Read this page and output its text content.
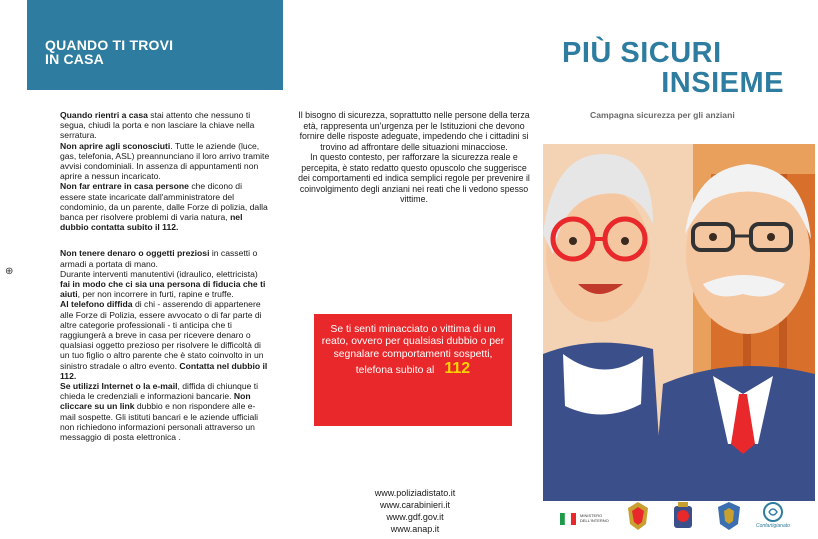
⊕
QUANDO TI TROVI
IN CASA

Quando rientri a casa stai attento che nessuno ti segua, chiudi la porta e non lasciare la chiave nella serratura.
Non aprire agli sconosciuti. Tutte le aziende (luce, gas, telefonia, ASL) preannunciano il loro arrivo tramite avvisi condominiali. In assenza di appuntamenti non aprire a nessun incaricato.
Non far entrare in casa persone che dicono di essere state incaricate dall'amministratore del condominio, da un parente, dalle Forze di polizia, dalla banca per risolvere problemi di varia natura, nel dubbio contatta subito il 112.

Non tenere denaro o oggetti preziosi in cassetti o armadi a portata di mano.
Durante interventi manutentivi (idraulico, elettricista) fai in modo che ci sia una persona di fiducia che ti aiuti, per non incorrere in furti, rapine e truffe.
Al telefono diffida di chi - asserendo di appartenere alle Forze di Polizia, essere avvocato o di far parte di altre categorie professionali - ti anticipa che ti raggiungerà a breve in casa per ricevere denaro o qualsiasi oggetto prezioso per risolvere le difficoltà di un tuo figlio o altro parente che è stato coinvolto in un sinistro stradale o altro evento. Contatta nel dubbio il 112.
Se utilizzi Internet o la e-mail, diffida di chiunque ti chieda le credenziali e informazioni bancarie. Non cliccare su un link dubbio e non rispondere alle e-mail sospette. Gli istituti bancari e le aziende ufficiali non richiedono informazioni personali attraverso un messaggio di posta elettronica .

Il bisogno di sicurezza, soprattutto nelle persone della terza età, rappresenta un'urgenza per le Istituzioni che devono fornire delle risposte adeguate, impedendo che i cittadini si trovino ad affrontare delle situazioni minacciose.

In questo contesto, per rafforzare la sicurezza reale e percepita, è stato redatto questo opuscolo che suggerisce dei comportamenti ed indica semplici regole per prevenire il coinvolgimento degli anziani nei reati che li vedono spesso vittime.

Se ti senti minacciato o vittima di un reato, ovvero per qualsiasi dubbio o per segnalare comportamenti sospetti,
telefona subito al 112
www.poliziadistato.it
www.carabinieri.it
www.gdf.gov.it
www.anap.it
PIÙ SICURI
INSIEME
Campagna sicurezza per gli anziani
MINISTERO DELL'INTERNO
Confartigianato
